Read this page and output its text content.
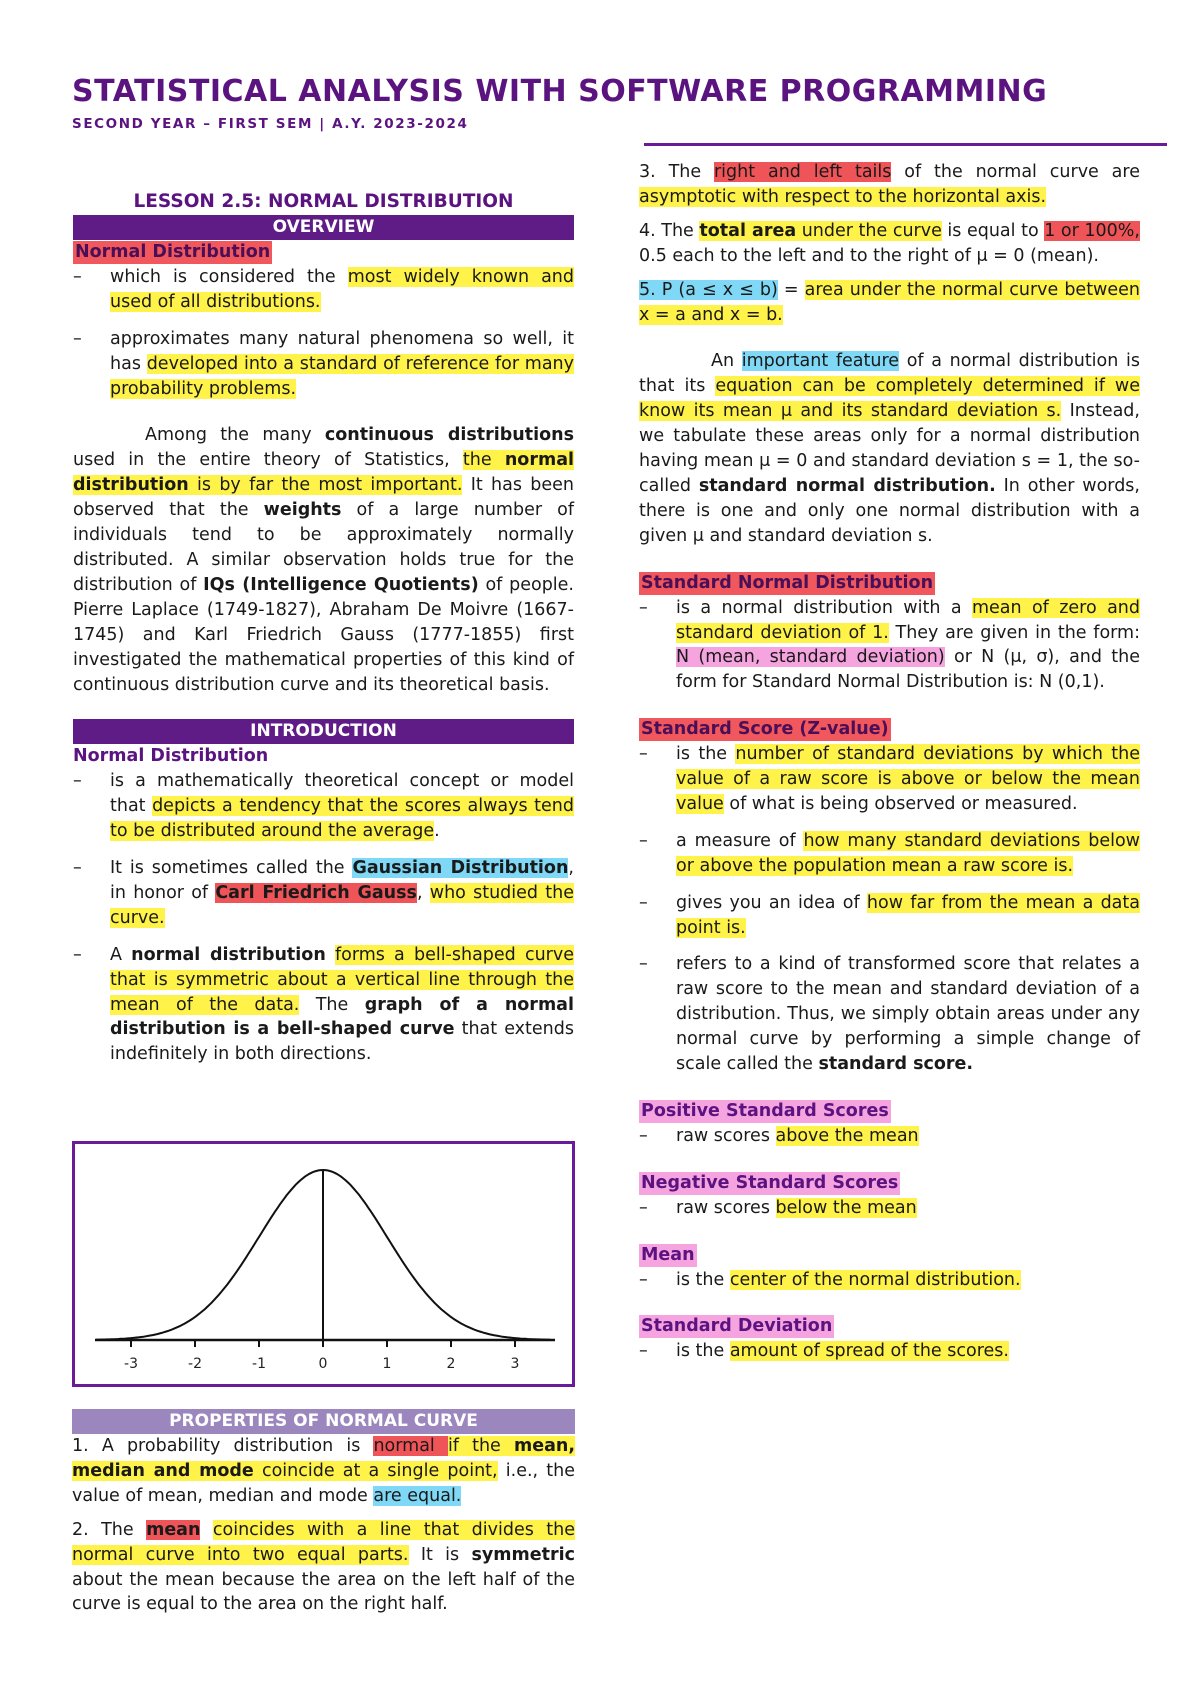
STATISTICAL ANALYSIS WITH SOFTWARE PROGRAMMING
SECOND YEAR – FIRST SEM | A.Y. 2023-2024
LESSON 2.5: NORMAL DISTRIBUTION
OVERVIEW
Normal Distribution
–	which is considered the most widely known and used of all distributions.
–	approximates many natural phenomena so well, it has developed into a standard of reference for many probability problems.
Among the many continuous distributions used in the entire theory of Statistics, the normal distribution is by far the most important. It has been observed that the weights of a large number of individuals tend to be approximately normally distributed. A similar observation holds true for the distribution of IQs (Intelligence Quotients) of people. Pierre Laplace (1749-1827), Abraham De Moivre (1667-1745) and Karl Friedrich Gauss (1777-1855) first investigated the mathematical properties of this kind of continuous distribution curve and its theoretical basis.
INTRODUCTION
Normal Distribution
–	is a mathematically theoretical concept or model that depicts a tendency that the scores always tend to be distributed around the average.
–	It is sometimes called the Gaussian Distribution, in honor of Carl Friedrich Gauss, who studied the curve.
–	A normal distribution forms a bell-shaped curve that is symmetric about a vertical line through the mean of the data. The graph of a normal distribution is a bell-shaped curve that extends indefinitely in both directions.
-3	-2	-1	0	1	2	3
PROPERTIES OF NORMAL CURVE
1. A probability distribution is normal if the mean, median and mode coincide at a single point, i.e., the value of mean, median and mode are equal.
2. The mean coincides with a line that divides the normal curve into two equal parts. It is symmetric about the mean because the area on the left half of the curve is equal to the area on the right half.
3. The right and left tails of the normal curve are asymptotic with respect to the horizontal axis.
4. The total area under the curve is equal to 1 or 100%, 0.5 each to the left and to the right of μ = 0 (mean).
5. P (a ≤ x ≤ b) = area under the normal curve between x = a and x = b.
An important feature of a normal distribution is that its equation can be completely determined if we know its mean μ and its standard deviation s. Instead, we tabulate these areas only for a normal distribution having mean μ = 0 and standard deviation s = 1, the so-called standard normal distribution. In other words, there is one and only one normal distribution with a given μ and standard deviation s.
Standard Normal Distribution
–	is a normal distribution with a mean of zero and standard deviation of 1. They are given in the form: N (mean, standard deviation) or N (μ, σ), and the form for Standard Normal Distribution is: N (0,1).
Standard Score (Z-value)
–	is the number of standard deviations by which the value of a raw score is above or below the mean value of what is being observed or measured.
–	a measure of how many standard deviations below or above the population mean a raw score is.
–	gives you an idea of how far from the mean a data point is.
–	refers to a kind of transformed score that relates a raw score to the mean and standard deviation of a distribution. Thus, we simply obtain areas under any normal curve by performing a simple change of scale called the standard score.
Positive Standard Scores
–	raw scores above the mean
Negative Standard Scores
–	raw scores below the mean
Mean
–	is the center of the normal distribution.
Standard Deviation
–	is the amount of spread of the scores.
